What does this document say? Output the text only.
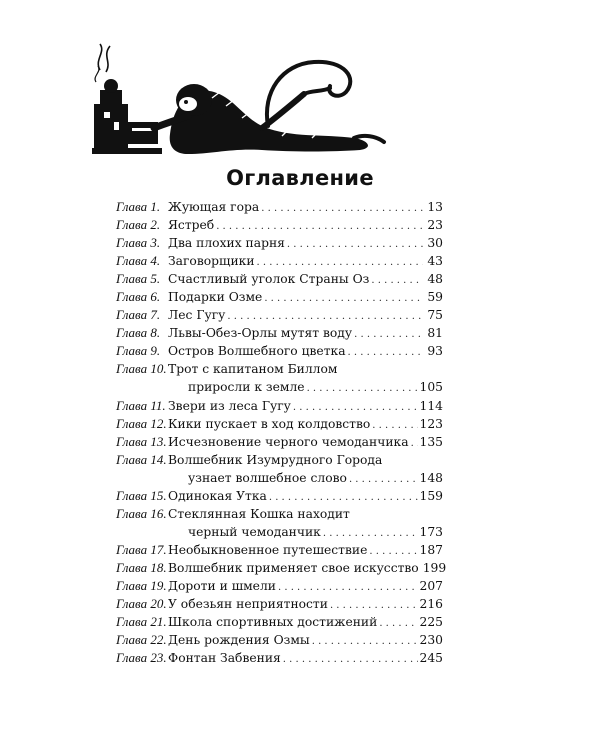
Оглавление
Глава 1. Жующая гора . . .	13
Глава 2. Ястреб . . .	23
Глава 3. Два плохих парня . . .	30
Глава 4. Заговорщики . . .	43
Глава 5. Счастливый уголок Страны Оз . . .	48
Глава 6. Подарки Озме . . .	59
Глава 7. Лес Гугу . . .	75
Глава 8. Львы-Обез-Орлы мутят воду . . .	81
Глава 9. Остров Волшебного цветка . . .	93
Глава 10. Трот с капитаном Биллом
приросли к земле . . .	105
Глава 11. Звери из леса Гугу . . .	114
Глава 12. Кики пускает в ход колдовство . . .	123
Глава 13. Исчезновение черного чемоданчика . . . 135
Глава 14. Волшебник Изумрудного Города
узнает волшебное слово . . .	148
Глава 15. Одинокая Утка . . .	159
Глава 16. Стеклянная Кошка находит
черный чемоданчик . . .	173
Глава 17. Необыкновенное путешествие . . .	187
Глава 18. Волшебник применяет свое искусство 199
Глава 19. Дороти и шмели . . .	207
Глава 20. У обезьян неприятности . . .	216
Глава 21. Школа спортивных достижений . . .	225
Глава 22. День рождения Озмы . . .	230
Глава 23. Фонтан Забвения . . .	245
